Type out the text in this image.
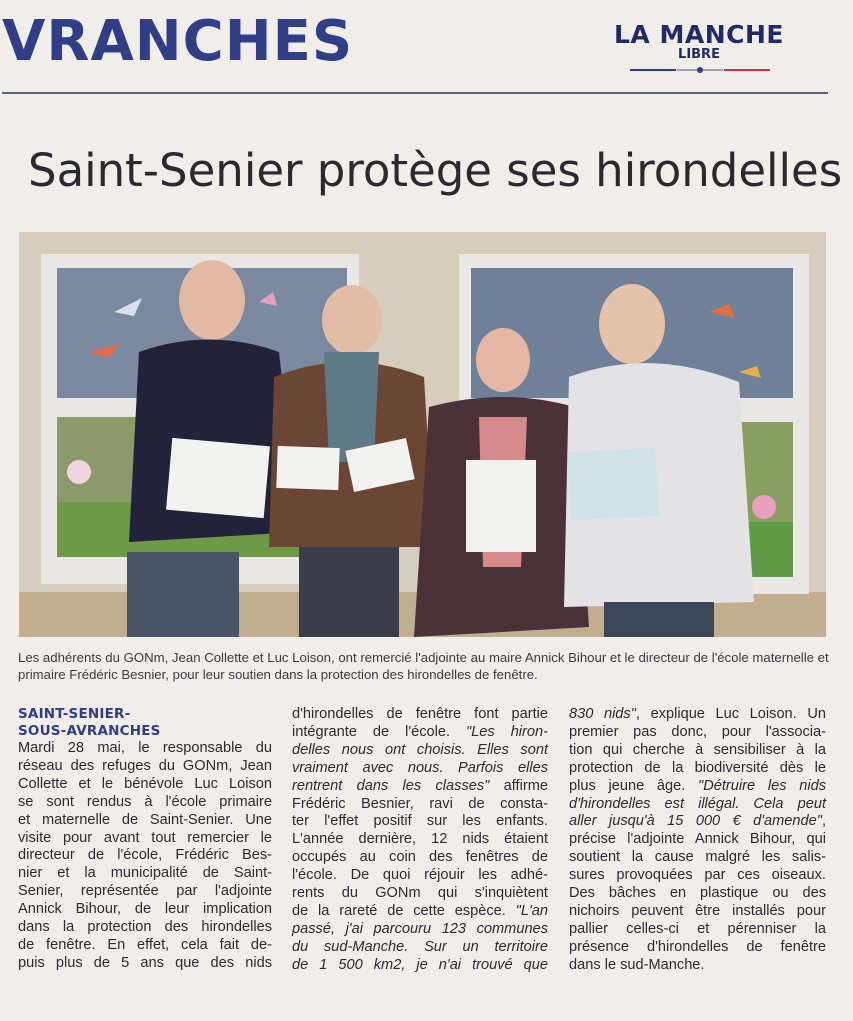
VRANCHES	LA MANCHE
LIBRE
Saint-Senier protège ses hirondelles
Les adhérents du GONm, Jean Collette et Luc Loison, ont remercié l'adjointe au maire Annick Bihour et le directeur de l'école maternelle et primaire Frédéric Besnier, pour leur soutien dans la protection des hirondelles de fenêtre.
SAINT-SENIER-
SOUS-AVRANCHES

Mardi 28 mai, le responsable du
réseau des refuges du GONm, Jean
Collette et le bénévole Luc Loison
se sont rendus à l'école primaire
et maternelle de Saint-Senier. Une
visite pour avant tout remercier le
directeur de l'école, Frédéric Bes-
nier et la municipalité de Saint-
Senier, représentée par l'adjointe
Annick Bihour, de leur implication
dans la protection des hirondelles
de fenêtre. En effet, cela fait de-
puis plus de 5 ans que des nids

d'hirondelles de fenêtre font partie
intégrante de l'école. "Les hiron-
delles nous ont choisis. Elles sont
vraiment avec nous. Parfois elles
rentrent dans les classes" affirme
Frédéric Besnier, ravi de consta-
ter l'effet positif sur les enfants.
L'année dernière, 12 nids étaient
occupés au coin des fenêtres de
l'école. De quoi réjouir les adhé-
rents du GONm qui s'inquiètent
de la rareté de cette espèce. "L'an
passé, j'ai parcouru 123 communes
du sud-Manche. Sur un territoire
de 1 500 km2, je n'ai trouvé que

830 nids", explique Luc Loison. Un
premier pas donc, pour l'associa-
tion qui cherche à sensibiliser à la
protection de la biodiversité dès le
plus jeune âge. "Détruire les nids
d'hirondelles est illégal. Cela peut
aller jusqu'à 15 000 € d'amende",
précise l'adjointe Annick Bihour, qui
soutient la cause malgré les salis-
sures provoquées par ces oiseaux.
Des bâches en plastique ou des
nichoirs peuvent être installés pour
pallier celles-ci et pérenniser la
présence d'hirondelles de fenêtre
dans le sud-Manche.
